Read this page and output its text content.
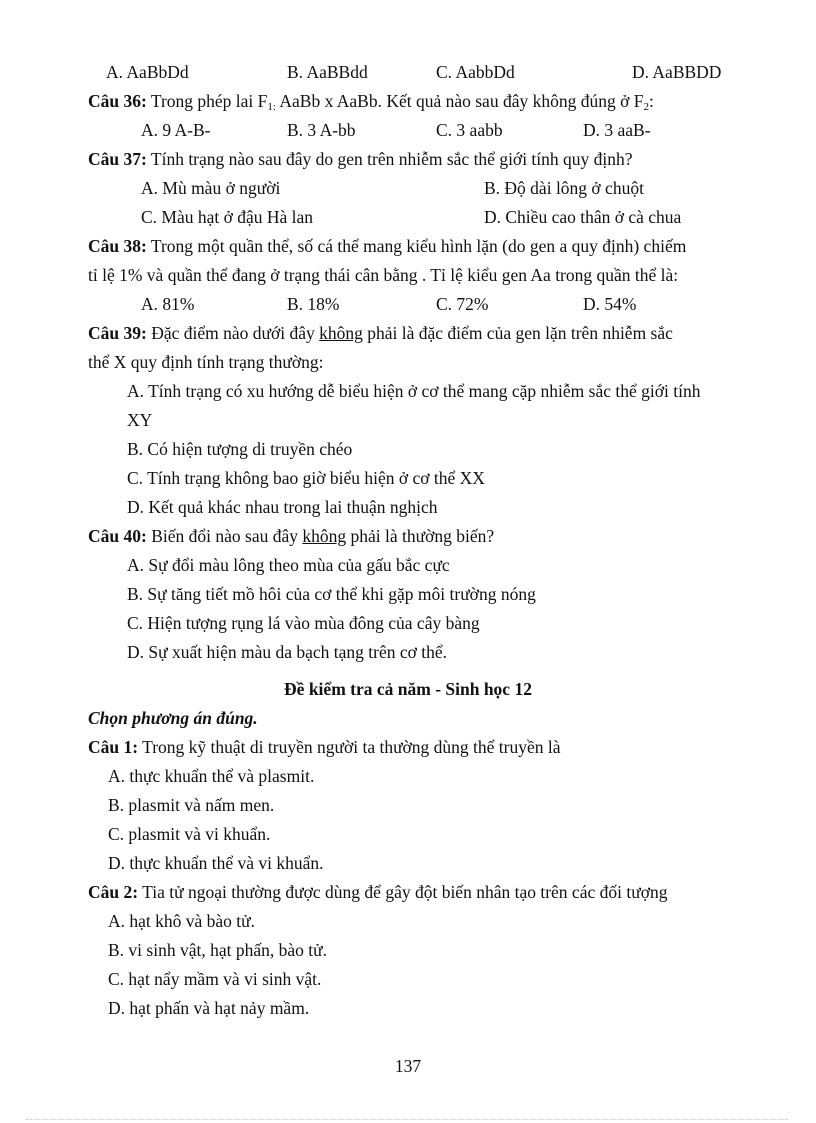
A. AaBbDd	B. AaBBdd	C. AabbDd	D. AaBBDD
Câu 36: Trong phép lai $F_{1:}$ AaBb x AaBb. Kết quả nào sau đây không đúng ở $F_2$:
A. 9 A-B-	B. 3 A-bb	C. 3 aabb	D. 3 aaB-
Câu 37: Tính trạng nào sau đây do gen trên nhiễm sắc thể giới tính quy định?
A. Mù màu ở người	B. Độ dài lông ở chuột
C. Màu hạt ở đậu Hà lan	D. Chiều cao thân ở cà chua
Câu 38: Trong một quần thể, số cá thể mang kiểu hình lặn (do gen a quy định) chiếm
tỉ lệ 1% và quần thể đang ở trạng thái cân bằng . Tỉ lệ kiểu gen Aa trong quần thể là:
A. 81%	B. 18%	C. 72%	D. 54%
Câu 39: Đặc điểm nào dưới đây không phải là đặc điểm của gen lặn trên nhiễm sắc
thể X quy định tính trạng thường:
A. Tính trạng có xu hướng dễ biểu hiện ở cơ thể mang cặp nhiễm sắc thể giới tính
XY
B. Có hiện tượng di truyền chéo
C. Tính trạng không bao giờ biểu hiện ở cơ thể XX
D. Kết quả khác nhau trong lai thuận nghịch
Câu 40: Biến đổi nào sau đây không phải là thường biến?
A. Sự đổi màu lông theo mùa của gấu bắc cực
B. Sự tăng tiết mồ hôi của cơ thể khi gặp môi trường nóng
C. Hiện tượng rụng lá vào mùa đông của cây bàng
D. Sự xuất hiện màu da bạch tạng trên cơ thể.
Đề kiểm tra cả năm - Sinh học 12
Chọn phương án đúng.
Câu 1: Trong kỹ thuật di truyền người ta thường dùng thể truyền là
A. thực khuẩn thể và plasmit.
B. plasmit và nấm men.
C. plasmit và vi khuẩn.
D. thực khuẩn thể và vi khuẩn.
Câu 2: Tia tử ngoại thường được dùng để gây đột biến nhân tạo trên các đối tượng
A. hạt khô và bào tử.
B. vi sinh vật, hạt phấn, bào tử.
C. hạt nẩy mầm và vi sinh vật.
D. hạt phấn và hạt nảy mầm.
137
